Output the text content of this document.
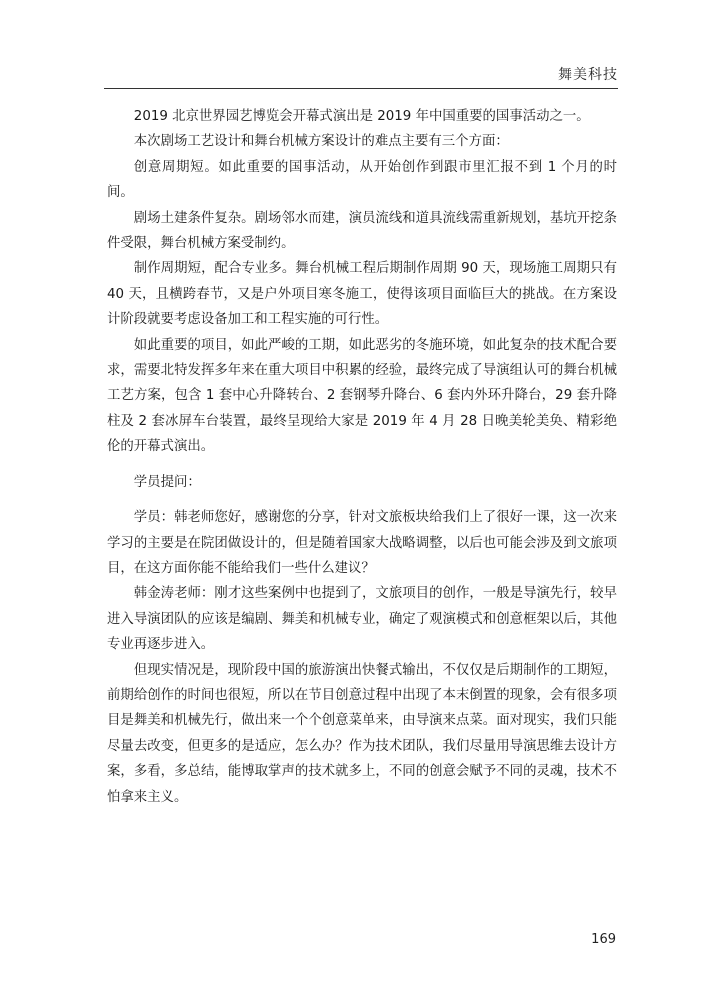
舞美科技

2019 北京世界园艺博览会开幕式演出是 2019 年中国重要的国事活动之一。

本次剧场工艺设计和舞台机械方案设计的难点主要有三个方面：

创意周期短。如此重要的国事活动，从开始创作到跟市里汇报不到 1 个月的时间。

剧场土建条件复杂。剧场邻水而建，演员流线和道具流线需重新规划，基坑开挖条件受限，舞台机械方案受制约。

制作周期短，配合专业多。舞台机械工程后期制作周期 90 天，现场施工周期只有 40 天，且横跨春节，又是户外项目寒冬施工，使得该项目面临巨大的挑战。在方案设计阶段就要考虑设备加工和工程实施的可行性。

如此重要的项目，如此严峻的工期，如此恶劣的冬施环境，如此复杂的技术配合要求，需要北特发挥多年来在重大项目中积累的经验，最终完成了导演组认可的舞台机械工艺方案，包含 1 套中心升降转台、2 套钢琴升降台、6 套内外环升降台，29 套升降柱及 2 套冰屏车台装置，最终呈现给大家是 2019 年 4 月 28 日晚美轮美奂、精彩绝伦的开幕式演出。

学员提问：

学员：韩老师您好，感谢您的分享，针对文旅板块给我们上了很好一课，这一次来学习的主要是在院团做设计的，但是随着国家大战略调整，以后也可能会涉及到文旅项目，在这方面你能不能给我们一些什么建议？

韩金涛老师：刚才这些案例中也提到了，文旅项目的创作，一般是导演先行，较早进入导演团队的应该是编剧、舞美和机械专业，确定了观演模式和创意框架以后，其他专业再逐步进入。

但现实情况是，现阶段中国的旅游演出快餐式输出，不仅仅是后期制作的工期短，前期给创作的时间也很短，所以在节目创意过程中出现了本末倒置的现象，会有很多项目是舞美和机械先行，做出来一个个创意菜单来，由导演来点菜。面对现实，我们只能尽量去改变，但更多的是适应，怎么办？作为技术团队，我们尽量用导演思维去设计方案，多看，多总结，能博取掌声的技术就多上，不同的创意会赋予不同的灵魂，技术不怕拿来主义。

169
